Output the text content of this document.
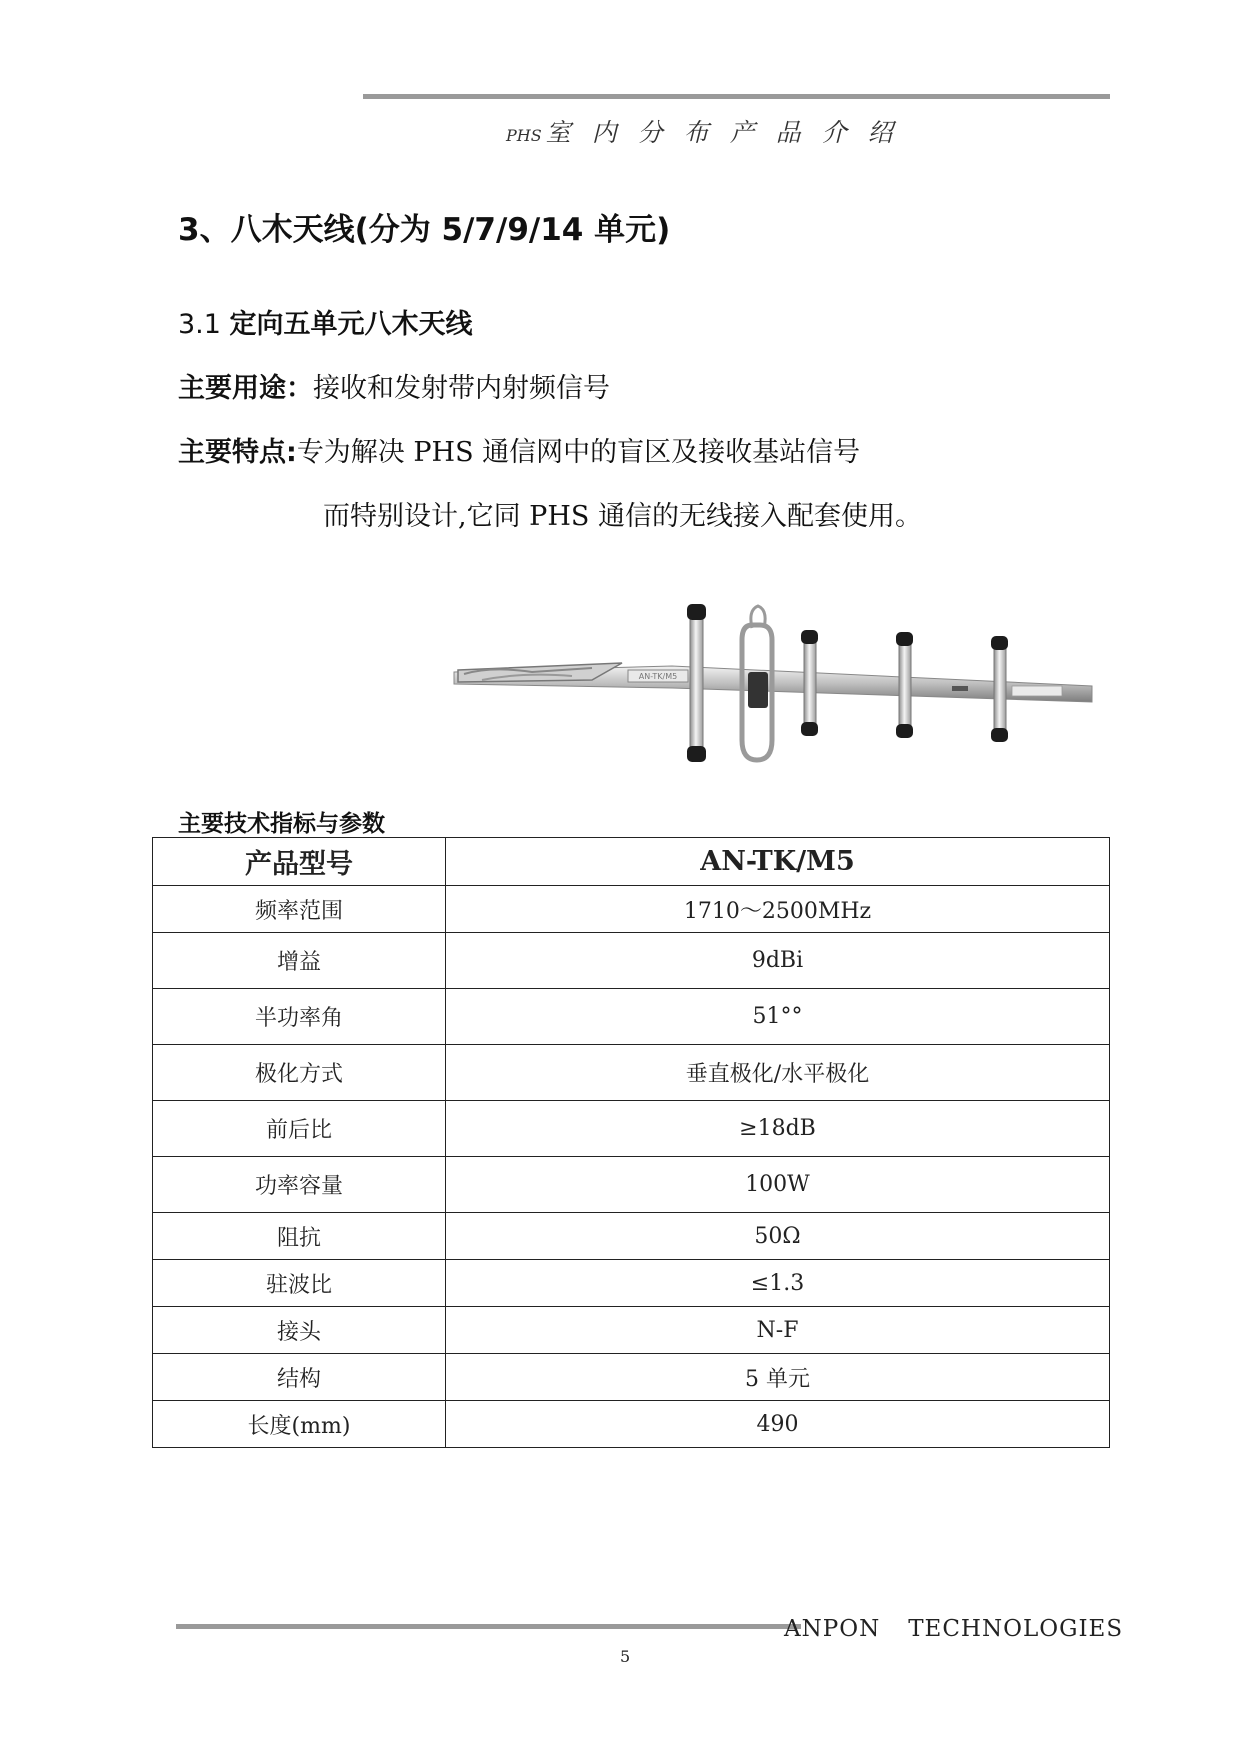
PHS 室内分布产品介绍
3、八木天线(分为 5/7/9/14 单元)
3.1 定向五单元八木天线
主要用途：接收和发射带内射频信号
主要特点:专为解决 PHS 通信网中的盲区及接收基站信号
而特别设计,它同 PHS 通信的无线接入配套使用。
AN-TK/M5
主要技术指标与参数
产品型号	AN-TK/M5
频率范围	1710～2500MHz
增益	9dBi
半功率角	51°°
极化方式	垂直极化/水平极化
前后比	≥18dB
功率容量	100W
阻抗	50Ω
驻波比	≤1.3
接头	N-F
结构	5 单元
长度(mm)	490
ANPON TECHNOLOGIES
5
